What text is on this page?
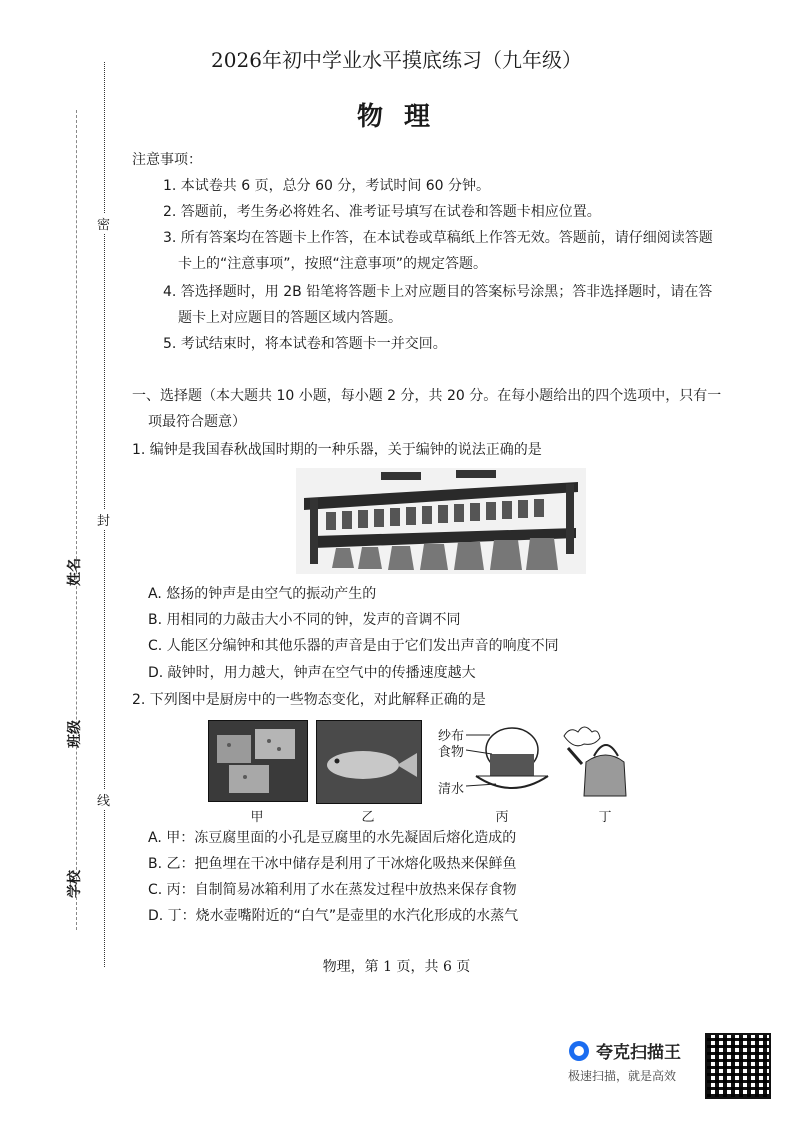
密
封
线
学校
班级
姓名
2026年初中学业水平摸底练习（九年级）
物 理
注意事项：
1. 本试卷共 6 页，总分 60 分，考试时间 60 分钟。
2. 答题前，考生务必将姓名、准考证号填写在试卷和答题卡相应位置。
3. 所有答案均在答题卡上作答，在本试卷或草稿纸上作答无效。答题前，请仔细阅读答题
卡上的“注意事项”，按照“注意事项”的规定答题。
4. 答选择题时，用 2B 铅笔将答题卡上对应题目的答案标号涂黑；答非选择题时，请在答
题卡上对应题目的答题区域内答题。
5. 考试结束时，将本试卷和答题卡一并交回。
一、选择题（本大题共 10 小题，每小题 2 分，共 20 分。在每小题给出的四个选项中，只有一
项最符合题意）
1. 编钟是我国春秋战国时期的一种乐器，关于编钟的说法正确的是
A. 悠扬的钟声是由空气的振动产生的
B. 用相同的力敲击大小不同的钟，发声的音调不同
C. 人能区分编钟和其他乐器的声音是由于它们发出声音的响度不同
D. 敲钟时，用力越大，钟声在空气中的传播速度越大
2. 下列图中是厨房中的一些物态变化，对此解释正确的是
纱布
食物
清水
甲	乙	丙	丁
A. 甲：冻豆腐里面的小孔是豆腐里的水先凝固后熔化造成的
B. 乙：把鱼埋在干冰中储存是利用了干冰熔化吸热来保鲜鱼
C. 丙：自制简易冰箱利用了水在蒸发过程中放热来保存食物
D. 丁：烧水壶嘴附近的“白气”是壶里的水汽化形成的水蒸气
物理，第 1 页，共 6 页
夸克扫描王
极速扫描，就是高效
